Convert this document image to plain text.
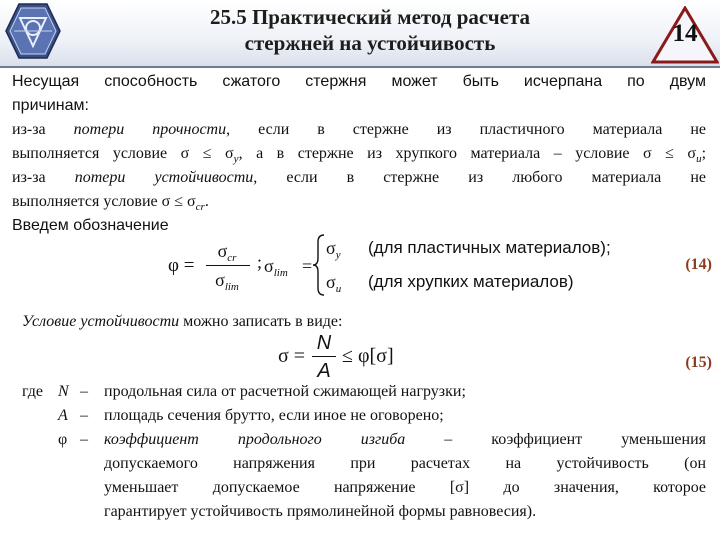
25.5 Практический метод расчета
стержней на устойчивость	14
Несущая способность сжатого стержня может быть исчерпана по двум
причинам:
из-за потери прочности, если в стержне из пластичного материала не
выполняется условие $\sigma \le \sigma_y$, а в стержне из хрупкого материала – условие $\sigma \le \sigma_u$;
из-за потери устойчивости, если в стержне из любого материала не
выполняется условие $\sigma \le \sigma_{cr}$.
Введем обозначение
φ =
$\sigma_{cr}$
$\sigma_{lim}$
; $\sigma_{lim}$ =
$\sigma_y$ (для пластичных материалов);
$\sigma_u$ (для хрупких материалов)
(14)
Условие устойчивости можно записать в виде:
σ =
N
A
≤ φ[σ]	(15)
где N – продольная сила от расчетной сжимающей нагрузки;
A – площадь сечения брутто, если иное не оговорено;
φ – коэффициент продольного изгиба – коэффициент уменьшения
допускаемого напряжения при расчетах на устойчивость (он
уменьшает допускаемое напряжение [σ] до значения, которое
гарантирует устойчивость прямолинейной формы равновесия).
